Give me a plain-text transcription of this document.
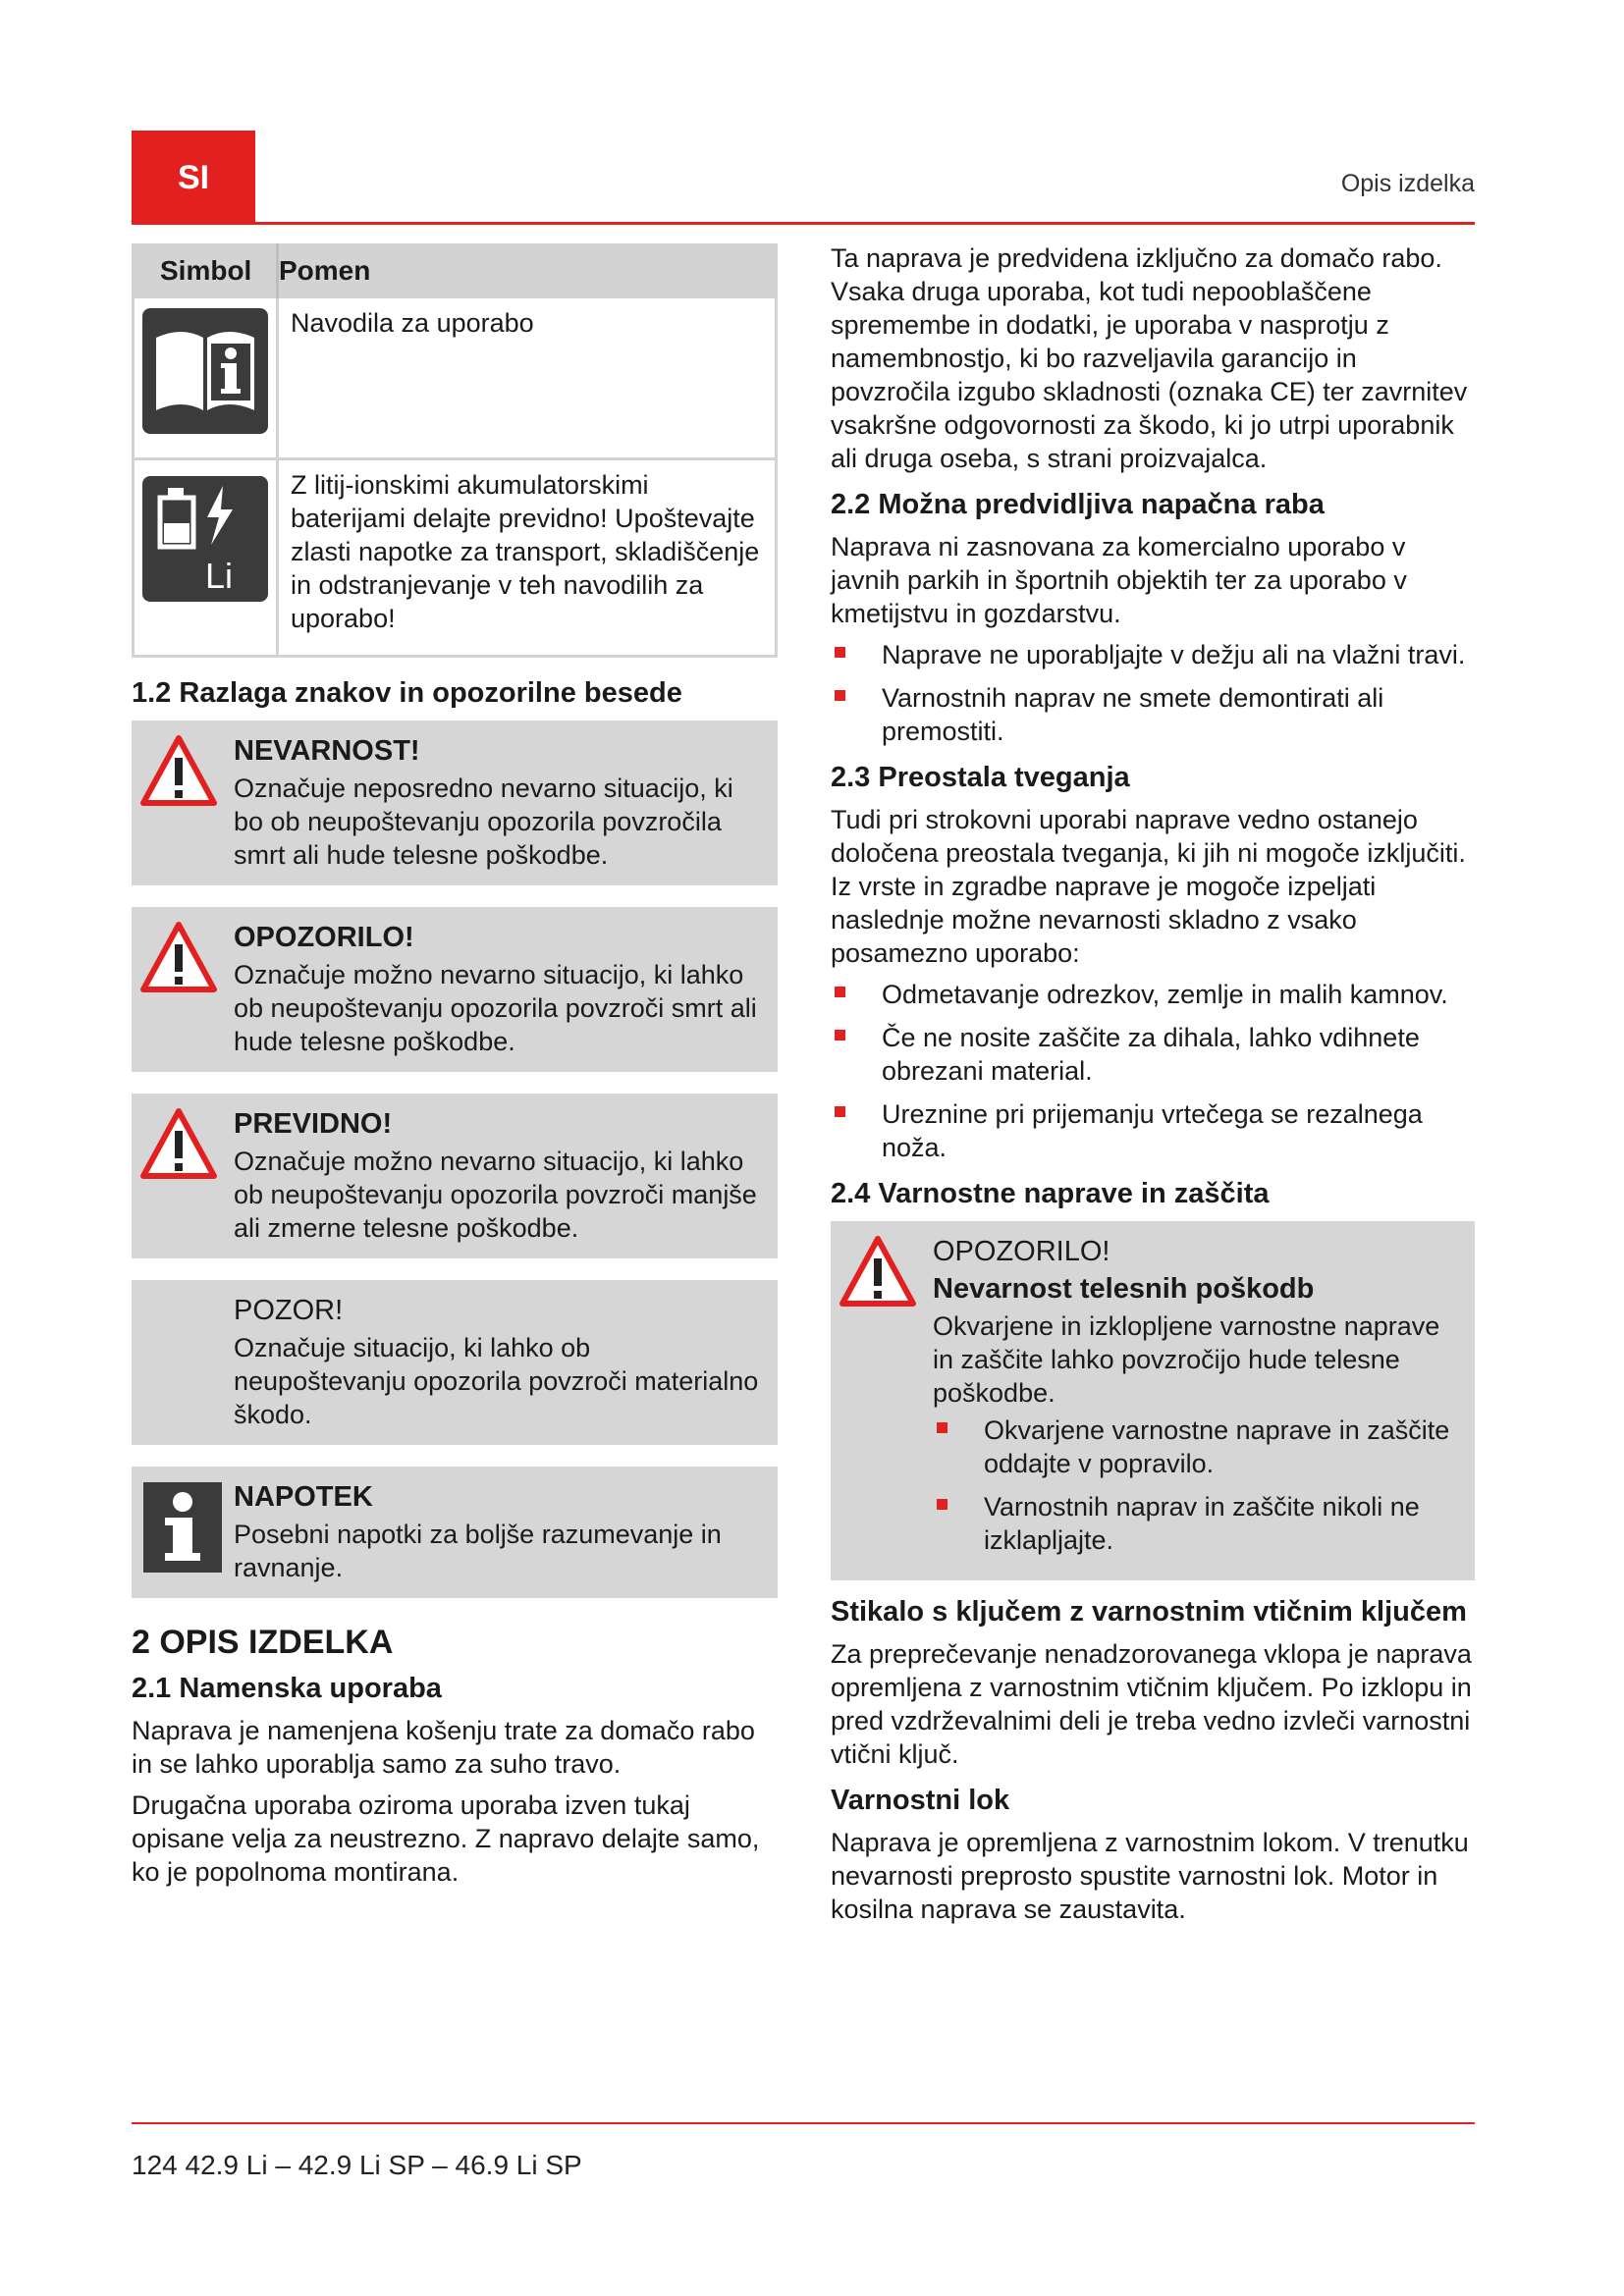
SI	Opis izdelka
Simbol	Pomen
	Navodila za uporabo

Li	Z litij-ionskimi akumulatorskimi baterijami delajte previdno! Upoštevajte zlasti napotke za transport, skladiščenje in odstranjevanje v teh navodilih za uporabo!
1.2 Razlaga znakov in opozorilne besede
NEVARNOST!
Označuje neposredno nevarno situacijo, ki bo ob neupoštevanju opozorila povzročila smrt ali hude telesne poškodbe.
OPOZORILO!
Označuje možno nevarno situacijo, ki lahko ob neupoštevanju opozorila povzroči smrt ali hude telesne poškodbe.
PREVIDNO!
Označuje možno nevarno situacijo, ki lahko ob neupoštevanju opozorila povzroči manjše ali zmerne telesne poškodbe.
POZOR!
Označuje situacijo, ki lahko ob neupoštevanju opozorila povzroči materialno škodo.
NAPOTEK
Posebni napotki za boljše razumevanje in ravnanje.
2 OPIS IZDELKA
2.1 Namenska uporaba

Naprava je namenjena košenju trate za domačo rabo in se lahko uporablja samo za suho travo.

Drugačna uporaba oziroma uporaba izven tukaj opisane velja za neustrezno. Z napravo delajte samo, ko je popolnoma montirana.

Ta naprava je predvidena izključno za domačo rabo. Vsaka druga uporaba, kot tudi nepooblaščene spremembe in dodatki, je uporaba v nasprotju z namembnostjo, ki bo razveljavila garancijo in povzročila izgubo skladnosti (oznaka CE) ter zavrnitev vsakršne odgovornosti za škodo, ki jo utrpi uporabnik ali druga oseba, s strani proizvajalca.

2.2 Možna predvidljiva napačna raba

Naprava ni zasnovana za komercialno uporabo v javnih parkih in športnih objektih ter za uporabo v kmetijstvu in gozdarstvu.

Naprave ne uporabljajte v dežju ali na vlažni travi.
Varnostnih naprav ne smete demontirati ali premostiti.
2.3 Preostala tveganja

Tudi pri strokovni uporabi naprave vedno ostanejo določena preostala tveganja, ki jih ni mogoče izključiti. Iz vrste in zgradbe naprave je mogoče izpeljati naslednje možne nevarnosti skladno z vsako posamezno uporabo:

Odmetavanje odrezkov, zemlje in malih kamnov.
Če ne nosite zaščite za dihala, lahko vdihnete obrezani material.
Ureznine pri prijemanju vrtečega se rezalnega noža.
2.4 Varnostne naprave in zaščita
OPOZORILO!
Nevarnost telesnih poškodb
Okvarjene in izklopljene varnostne naprave in zaščite lahko povzročijo hude telesne poškodbe.
Okvarjene varnostne naprave in zaščite oddajte v popravilo.
Varnostnih naprav in zaščite nikoli ne izklapljajte.
Stikalo s ključem z varnostnim vtičnim ključem

Za preprečevanje nenadzorovanega vklopa je naprava opremljena z varnostnim vtičnim ključem. Po izklopu in pred vzdrževalnimi deli je treba vedno izvleči varnostni vtični ključ.

Varnostni lok

Naprava je opremljena z varnostnim lokom. V trenutku nevarnosti preprosto spustite varnostni lok. Motor in kosilna naprava se zaustavita.

124 42.9 Li – 42.9 Li SP – 46.9 Li SP
